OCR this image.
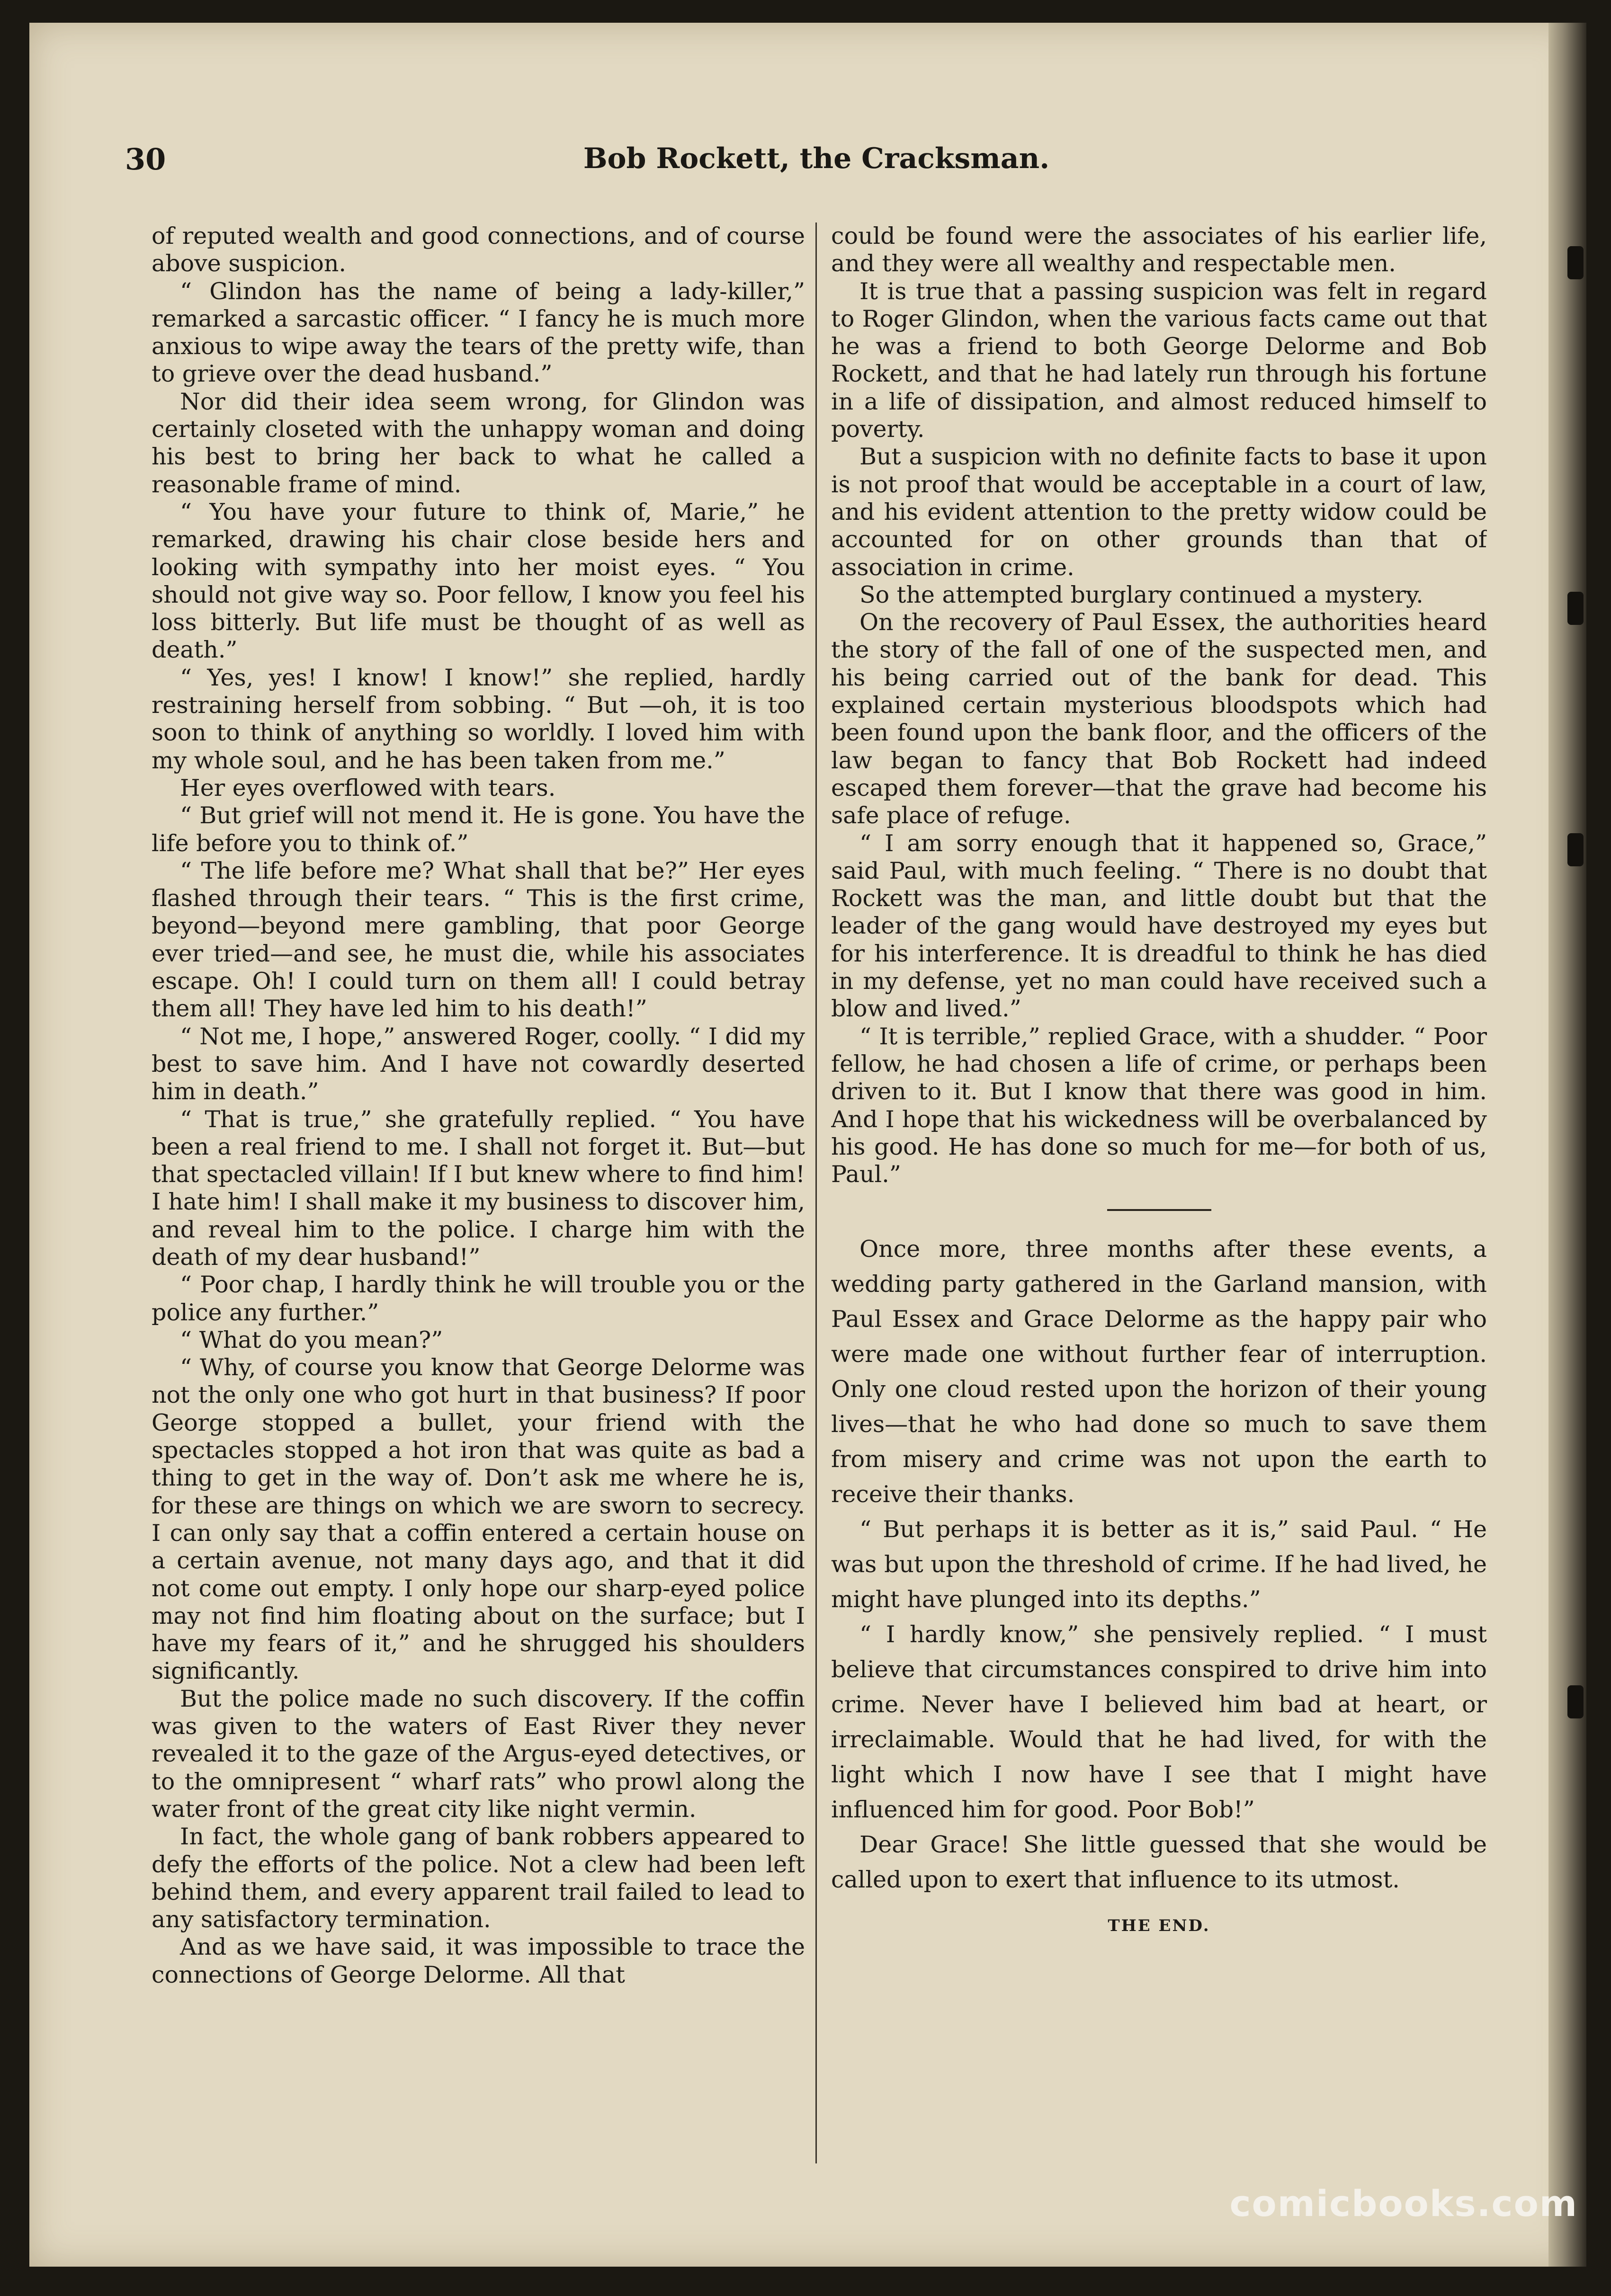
30	Bob Rockett, the Cracksman.

of reputed wealth and good connections, and of course above suspicion.

“ Glindon has the name of being a lady-killer,” remarked a sarcastic officer. “ I fancy he is much more anxious to wipe away the tears of the pretty wife, than to grieve over the dead husband.”

Nor did their idea seem wrong, for Glindon was certainly closeted with the unhappy woman and doing his best to bring her back to what he called a reasonable frame of mind.

“ You have your future to think of, Marie,” he remarked, drawing his chair close beside hers and looking with sympathy into her moist eyes. “ You should not give way so. Poor fellow, I know you feel his loss bitterly. But life must be thought of as well as death.”

“ Yes, yes! I know! I know!” she replied, hardly restraining herself from sobbing. “ But —oh, it is too soon to think of anything so worldly. I loved him with my whole soul, and he has been taken from me.”

Her eyes overflowed with tears.

“ But grief will not mend it. He is gone. You have the life before you to think of.”

“ The life before me? What shall that be?” Her eyes flashed through their tears. “ This is the first crime, beyond—beyond mere gambling, that poor George ever tried—and see, he must die, while his associates escape. Oh! I could turn on them all! I could betray them all! They have led him to his death!”

“ Not me, I hope,” answered Roger, coolly. “ I did my best to save him. And I have not cowardly deserted him in death.”

“ That is true,” she gratefully replied. “ You have been a real friend to me. I shall not forget it. But—but that spectacled villain! If I but knew where to find him! I hate him! I shall make it my business to discover him, and reveal him to the police. I charge him with the death of my dear husband!”

“ Poor chap, I hardly think he will trouble you or the police any further.”

“ What do you mean?”

“ Why, of course you know that George Delorme was not the only one who got hurt in that business? If poor George stopped a bullet, your friend with the spectacles stopped a hot iron that was quite as bad a thing to get in the way of. Don’t ask me where he is, for these are things on which we are sworn to secrecy. I can only say that a coffin entered a certain house on a certain avenue, not many days ago, and that it did not come out empty. I only hope our sharp-eyed police may not find him floating about on the surface; but I have my fears of it,” and he shrugged his shoulders significantly.

But the police made no such discovery. If the coffin was given to the waters of East River they never revealed it to the gaze of the Argus-eyed detectives, or to the omnipresent “ wharf rats” who prowl along the water front of the great city like night vermin.

In fact, the whole gang of bank robbers appeared to defy the efforts of the police. Not a clew had been left behind them, and every apparent trail failed to lead to any satisfactory termination.

And as we have said, it was impossible to trace the connections of George Delorme. All that

could be found were the associates of his earlier life, and they were all wealthy and respectable men.

It is true that a passing suspicion was felt in regard to Roger Glindon, when the various facts came out that he was a friend to both George Delorme and Bob Rockett, and that he had lately run through his fortune in a life of dissipation, and almost reduced himself to poverty.

But a suspicion with no definite facts to base it upon is not proof that would be acceptable in a court of law, and his evident attention to the pretty widow could be accounted for on other grounds than that of association in crime.

So the attempted burglary continued a mystery.

On the recovery of Paul Essex, the authorities heard the story of the fall of one of the suspected men, and his being carried out of the bank for dead. This explained certain mysterious bloodspots which had been found upon the bank floor, and the officers of the law began to fancy that Bob Rockett had indeed escaped them forever—that the grave had become his safe place of refuge.

“ I am sorry enough that it happened so, Grace,” said Paul, with much feeling. “ There is no doubt that Rockett was the man, and little doubt but that the leader of the gang would have destroyed my eyes but for his interference. It is dreadful to think he has died in my defense, yet no man could have received such a blow and lived.”

“ It is terrible,” replied Grace, with a shudder. “ Poor fellow, he had chosen a life of crime, or perhaps been driven to it. But I know that there was good in him. And I hope that his wickedness will be overbalanced by his good. He has done so much for me—for both of us, Paul.”

Once more, three months after these events, a wedding party gathered in the Garland mansion, with Paul Essex and Grace Delorme as the happy pair who were made one without further fear of interruption. Only one cloud rested upon the horizon of their young lives—that he who had done so much to save them from misery and crime was not upon the earth to receive their thanks.

“ But perhaps it is better as it is,” said Paul. “ He was but upon the threshold of crime. If he had lived, he might have plunged into its depths.”

“ I hardly know,” she pensively replied. “ I must believe that circumstances conspired to drive him into crime. Never have I believed him bad at heart, or irreclaimable. Would that he had lived, for with the light which I now have I see that I might have influenced him for good. Poor Bob!”

Dear Grace! She little guessed that she would be called upon to exert that influence to its utmost.

THE END.
comicbooks.com
